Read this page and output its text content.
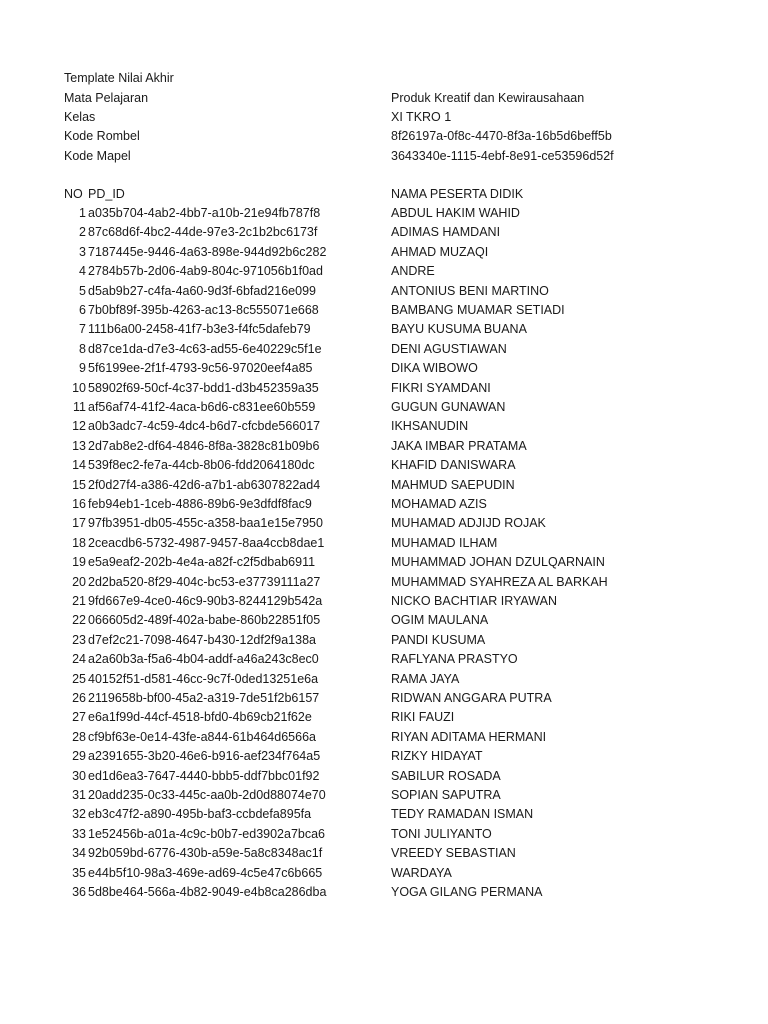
Template Nilai Akhir
Mata Pelajaran	Produk Kreatif dan Kewirausahaan
Kelas	XI TKRO 1
Kode Rombel	8f26197a-0f8c-4470-8f3a-16b5d6beff5b
Kode Mapel	3643340e-1115-4ebf-8e91-ce53596d52f
NO PD_ID	NAMA PESERTA DIDIK
1 a035b704-4ab2-4bb7-a10b-21e94fb787f8	ABDUL HAKIM WAHID
2 87c68d6f-4bc2-44de-97e3-2c1b2bc6173f	ADIMAS HAMDANI
3 7187445e-9446-4a63-898e-944d92b6c282	AHMAD MUZAQI
4 2784b57b-2d06-4ab9-804c-971056b1f0ad	ANDRE
5 d5ab9b27-c4fa-4a60-9d3f-6bfad216e099	ANTONIUS BENI MARTINO
6 7b0bf89f-395b-4263-ac13-8c555071e668	BAMBANG MUAMAR SETIADI
7 111b6a00-2458-41f7-b3e3-f4fc5dafeb79	BAYU KUSUMA BUANA
8 d87ce1da-d7e3-4c63-ad55-6e40229c5f1e	DENI AGUSTIAWAN
9 5f6199ee-2f1f-4793-9c56-97020eef4a85	DIKA WIBOWO
10 58902f69-50cf-4c37-bdd1-d3b452359a35	FIKRI SYAMDANI
11 af56af74-41f2-4aca-b6d6-c831ee60b559	GUGUN GUNAWAN
12 a0b3adc7-4c59-4dc4-b6d7-cfcbde566017	IKHSANUDIN
13 2d7ab8e2-df64-4846-8f8a-3828c81b09b6	JAKA IMBAR PRATAMA
14 539f8ec2-fe7a-44cb-8b06-fdd2064180dc	KHAFID DANISWARA
15 2f0d27f4-a386-42d6-a7b1-ab6307822ad4	MAHMUD SAEPUDIN
16 feb94eb1-1ceb-4886-89b6-9e3dfdf8fac9	MOHAMAD AZIS
17 97fb3951-db05-455c-a358-baa1e15e7950	MUHAMAD ADJIJD ROJAK
18 2ceacdb6-5732-4987-9457-8aa4ccb8dae1	MUHAMAD ILHAM
19 e5a9eaf2-202b-4e4a-a82f-c2f5dbab6911	MUHAMMAD JOHAN DZULQARNAIN
20 2d2ba520-8f29-404c-bc53-e37739111a27	MUHAMMAD SYAHREZA AL BARKAH
21 9fd667e9-4ce0-46c9-90b3-8244129b542a	NICKO BACHTIAR IRYAWAN
22 066605d2-489f-402a-babe-860b22851f05	OGIM MAULANA
23 d7ef2c21-7098-4647-b430-12df2f9a138a	PANDI KUSUMA
24 a2a60b3a-f5a6-4b04-addf-a46a243c8ec0	RAFLYANA PRASTYO
25 40152f51-d581-46cc-9c7f-0ded13251e6a	RAMA JAYA
26 2119658b-bf00-45a2-a319-7de51f2b6157	RIDWAN ANGGARA PUTRA
27 e6a1f99d-44cf-4518-bfd0-4b69cb21f62e	RIKI FAUZI
28 cf9bf63e-0e14-43fe-a844-61b464d6566a	RIYAN ADITAMA HERMANI
29 a2391655-3b20-46e6-b916-aef234f764a5	RIZKY HIDAYAT
30 ed1d6ea3-7647-4440-bbb5-ddf7bbc01f92	SABILUR ROSADA
31 20add235-0c33-445c-aa0b-2d0d88074e70	SOPIAN SAPUTRA
32 eb3c47f2-a890-495b-baf3-ccbdefa895fa	TEDY RAMADAN ISMAN
33 1e52456b-a01a-4c9c-b0b7-ed3902a7bca6	TONI JULIYANTO
34 92b059bd-6776-430b-a59e-5a8c8348ac1f	VREEDY SEBASTIAN
35 e44b5f10-98a3-469e-ad69-4c5e47c6b665	WARDAYA
36 5d8be464-566a-4b82-9049-e4b8ca286dba	YOGA GILANG PERMANA
